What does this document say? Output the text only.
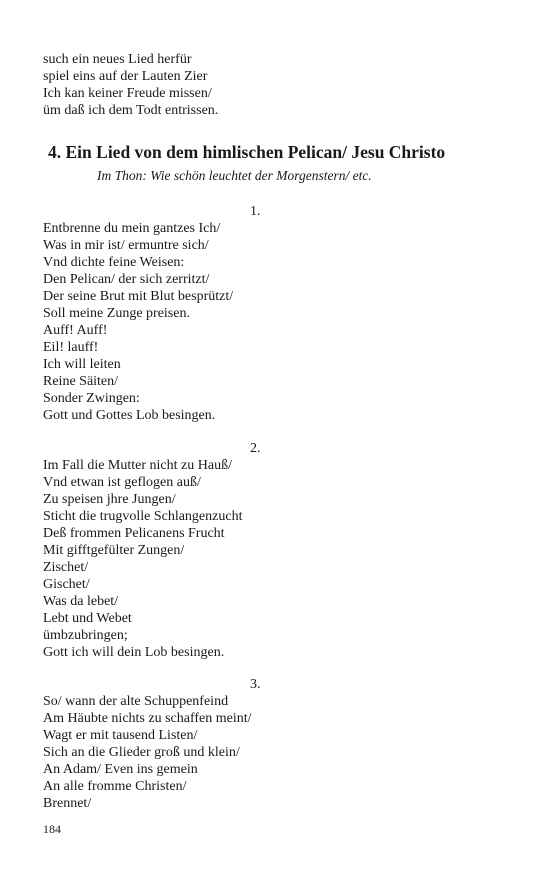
such ein neues Lied herfür
spiel eins auf der Lauten Zier
Ich kan keiner Freude missen/
üm daß ich dem Todt entrissen.
4. Ein Lied von dem himlischen Pelican/ Jesu Christo
Im Thon: Wie schön leuchtet der Morgenstern/ etc.
1.
Entbrenne du mein gantzes Ich/
Was in mir ist/ ermuntre sich/
Vnd dichte feine Weisen:
Den Pelican/ der sich zerritzt/
Der seine Brut mit Blut besprützt/
Soll meine Zunge preisen.
Auff! Auff!
Eil! lauff!
Ich will leiten
Reine Säiten/
Sonder Zwingen:
Gott und Gottes Lob besingen.
2.
Im Fall die Mutter nicht zu Hauß/
Vnd etwan ist geflogen auß/
Zu speisen jhre Jungen/
Sticht die trugvolle Schlangenzucht
Deß frommen Pelicanens Frucht
Mit gifftgefülter Zungen/
Zischet/
Gischet/
Was da lebet/
Lebt und Webet
ümbzubringen;
Gott ich will dein Lob besingen.
3.
So/ wann der alte Schuppenfeind
Am Häubte nichts zu schaffen meint/
Wagt er mit tausend Listen/
Sich an die Glieder groß und klein/
An Adam/ Even ins gemein
An alle fromme Christen/
Brennet/
184
